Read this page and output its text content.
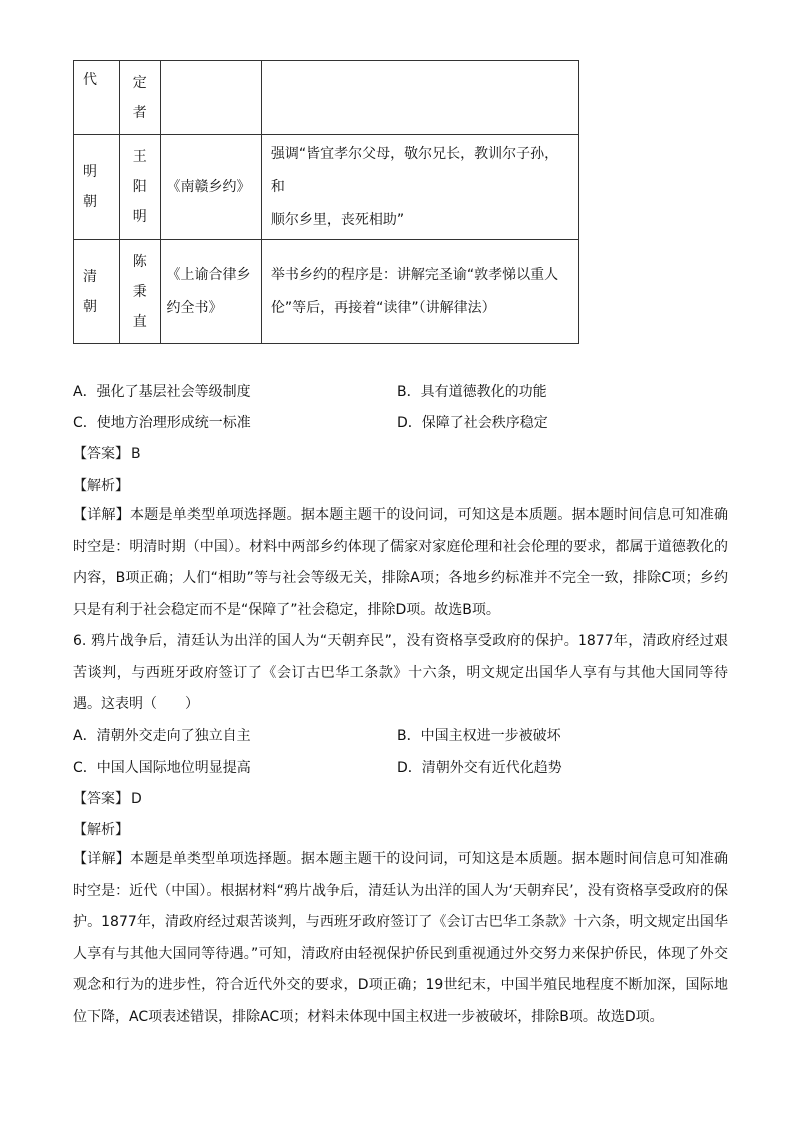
代	定
者		

明
朝	王
阳
明	《南赣乡约》	强调“皆宜孝尔父母，敬尔兄长，教训尔子孙，和
顺尔乡里，丧死相助”

清
朝	陈
秉
直	《上谕合律乡
约全书》	举书乡约的程序是：讲解完圣谕“敦孝悌以重人
伦”等后，再接着“读律”（讲解律法）
A．强化了基层社会等级制度	B．具有道德教化的功能
C．使地方治理形成统一标准	D．保障了社会秩序稳定
【答案】 B
【解析】
【详解】本题是单类型单项选择题。据本题主题干的设问词，可知这是本质题。据本题时间信息可知准确时空是：明清时期（中国）。材料中两部乡约体现了儒家对家庭伦理和社会伦理的要求，都属于道德教化的内容，B项正确；人们“相助”等与社会等级无关，排除A项；各地乡约标准并不完全一致，排除C项；乡约只是有利于社会稳定而不是“保障了”社会稳定，排除D项。故选B项。
6. 鸦片战争后，清廷认为出洋的国人为“天朝弃民”，没有资格享受政府的保护。1877年，清政府经过艰苦谈判，与西班牙政府签订了《会订古巴华工条款》十六条，明文规定出国华人享有与其他大国同等待遇。这表明（　　）
A．清朝外交走向了独立自主	B．中国主权进一步被破坏
C．中国人国际地位明显提高	D．清朝外交有近代化趋势
【答案】 D
【解析】
【详解】本题是单类型单项选择题。据本题主题干的设问词，可知这是本质题。据本题时间信息可知准确时空是：近代（中国）。根据材料“鸦片战争后，清廷认为出洋的国人为‘天朝弃民’，没有资格享受政府的保护。1877年，清政府经过艰苦谈判，与西班牙政府签订了《会订古巴华工条款》十六条，明文规定出国华人享有与其他大国同等待遇。”可知，清政府由轻视保护侨民到重视通过外交努力来保护侨民，体现了外交观念和行为的进步性，符合近代外交的要求，D项正确；19世纪末，中国半殖民地程度不断加深，国际地位下降，AC项表述错误，排除AC项；材料未体现中国主权进一步被破坏，排除B项。故选D项。
